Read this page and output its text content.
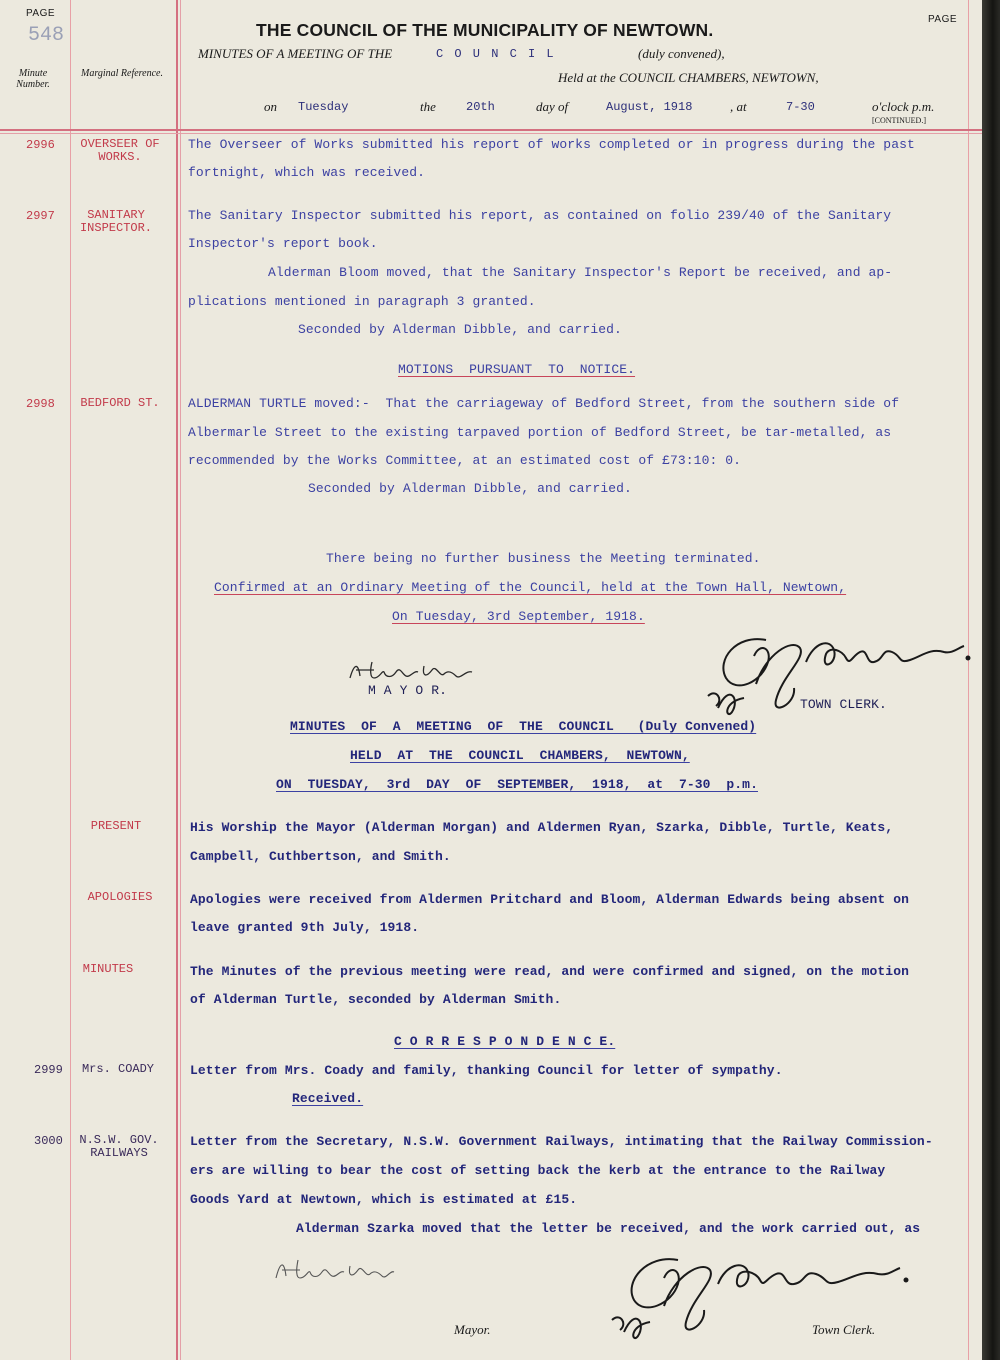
PAGE
548
PAGE
THE COUNCIL OF THE MUNICIPALITY OF NEWTOWN.
MINUTES OF A MEETING OF THE	C O U N C I L	(duly convened),
Held at the COUNCIL CHAMBERS, NEWTOWN,
Minute Number.
Marginal Reference.
on Tuesday	the	20th	day of	August, 1918	, at	7-30	o'clock p.m.
[CONTINUED.]
2996	OVERSEER OF WORKS.
The Overseer of Works submitted his report of works completed or in progress during the past
fortnight, which was received.
2997	SANITARY INSPECTOR.
The Sanitary Inspector submitted his report, as contained on folio 239/40 of the Sanitary
Inspector's report book.
Alderman Bloom moved, that the Sanitary Inspector's Report be received, and ap-
plications mentioned in paragraph 3 granted.
Seconded by Alderman Dibble, and carried.
MOTIONS  PURSUANT  TO  NOTICE.
2998	BEDFORD ST.	ALDERMAN TURTLE moved:-  That the carriageway of Bedford Street, from the southern side of
Albermarle Street to the existing tarpaved portion of Bedford Street, be tar-metalled, as
recommended by the Works Committee, at an estimated cost of £73:10: 0.
Seconded by Alderman Dibble, and carried.
There being no further business the Meeting terminated.
Confirmed at an Ordinary Meeting of the Council, held at the Town Hall, Newtown,
On Tuesday, 3rd September, 1918.
M A Y O R.
TOWN CLERK.
MINUTES  OF  A  MEETING  OF  THE  COUNCIL   (Duly Convened)
HELD  AT  THE  COUNCIL  CHAMBERS,  NEWTOWN,
ON  TUESDAY,  3rd  DAY  OF  SEPTEMBER,  1918,  at  7-30  p.m.
PRESENT	His Worship the Mayor (Alderman Morgan) and Aldermen Ryan, Szarka, Dibble, Turtle, Keats,
Campbell, Cuthbertson, and Smith.
APOLOGIES	Apologies were received from Aldermen Pritchard and Bloom, Alderman Edwards being absent on
leave granted 9th July, 1918.
MINUTES	The Minutes of the previous meeting were read, and were confirmed and signed, on the motion
of Alderman Turtle, seconded by Alderman Smith.
C O R R E S P O N D E N C E.
2999	Mrs. COADY	Letter from Mrs. Coady and family, thanking Council for letter of sympathy.
Received.
3000	N.S.W. GOV. RAILWAYS
Letter from the Secretary, N.S.W. Government Railways, intimating that the Railway Commission-
ers are willing to bear the cost of setting back the kerb at the entrance to the Railway
Goods Yard at Newtown, which is estimated at £15.
Alderman Szarka moved that the letter be received, and the work carried out, as
Mayor.	Town Clerk.
